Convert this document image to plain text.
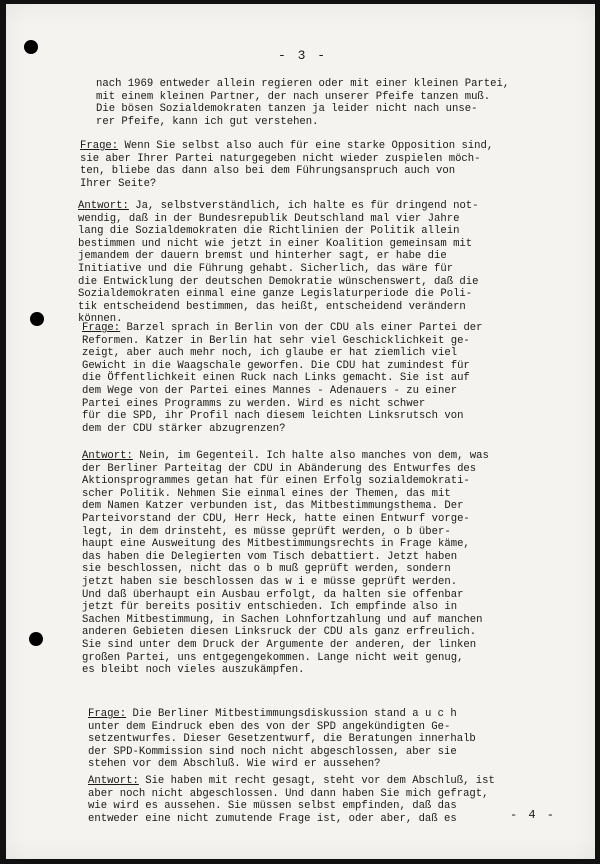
- 3 -
nach 1969 entweder allein regieren oder mit einer kleinen Partei,
mit einem kleinen Partner, der nach unserer Pfeife tanzen muß.
Die bösen Sozialdemokraten tanzen ja leider nicht nach unse-
rer Pfeife, kann ich gut verstehen.
Frage: Wenn Sie selbst also auch für eine starke Opposition sind,
sie aber Ihrer Partei naturgegeben nicht wieder zuspielen möch-
ten, bliebe das dann also bei dem Führungsanspruch auch von
Ihrer Seite?
Antwort: Ja, selbstverständlich, ich halte es für dringend not-
wendig, daß in der Bundesrepublik Deutschland mal vier Jahre
lang die Sozialdemokraten die Richtlinien der Politik allein
bestimmen und nicht wie jetzt in einer Koalition gemeinsam mit
jemandem der dauern bremst und hinterher sagt, er habe die
Initiative und die Führung gehabt. Sicherlich, das wäre für
die Entwicklung der deutschen Demokratie wünschenswert, daß die
Sozialdemokraten einmal eine ganze Legislaturperiode die Poli-
tik entscheidend bestimmen, das heißt, entscheidend verändern
können.
Frage: Barzel sprach in Berlin von der CDU als einer Partei der
Reformen. Katzer in Berlin hat sehr viel Geschicklichkeit ge-
zeigt, aber auch mehr noch, ich glaube er hat ziemlich viel
Gewicht in die Waagschale geworfen. Die CDU hat zumindest für
die Öffentlichkeit einen Ruck nach Links gemacht. Sie ist auf
dem Wege von der Partei eines Mannes - Adenauers - zu einer
Partei eines Programms zu werden. Wird es nicht schwer
für die SPD, ihr Profil nach diesem leichten Linksrutsch von
dem der CDU stärker abzugrenzen?
Antwort: Nein, im Gegenteil. Ich halte also manches von dem, was
der Berliner Parteitag der CDU in Abänderung des Entwurfes des
Aktionsprogrammes getan hat für einen Erfolg sozialdemokrati-
scher Politik. Nehmen Sie einmal eines der Themen, das mit
dem Namen Katzer verbunden ist, das Mitbestimmungsthema. Der
Parteivorstand der CDU, Herr Heck, hatte einen Entwurf vorge-
legt, in dem drinsteht, es müsse geprüft werden, o b über-
haupt eine Ausweitung des Mitbestimmungsrechts in Frage käme,
das haben die Delegierten vom Tisch debattiert. Jetzt haben
sie beschlossen, nicht das o b muß geprüft werden, sondern
jetzt haben sie beschlossen das w i e müsse geprüft werden.
Und daß überhaupt ein Ausbau erfolgt, da halten sie offenbar
jetzt für bereits positiv entschieden. Ich empfinde also in
Sachen Mitbestimmung, in Sachen Lohnfortzahlung und auf manchen
anderen Gebieten diesen Linksruck der CDU als ganz erfreulich.
Sie sind unter dem Druck der Argumente der anderen, der linken
großen Partei, uns entgegengekommen. Lange nicht weit genug,
es bleibt noch vieles auszukämpfen.
Frage: Die Berliner Mitbestimmungsdiskussion stand a u c h
unter dem Eindruck eben des von der SPD angekündigten Ge-
setzentwurfes. Dieser Gesetzentwurf, die Beratungen innerhalb
der SPD-Kommission sind noch nicht abgeschlossen, aber sie
stehen vor dem Abschluß. Wie wird er aussehen?
Antwort: Sie haben mit recht gesagt, steht vor dem Abschluß, ist
aber noch nicht abgeschlossen. Und dann haben Sie mich gefragt,
wie wird es aussehen. Sie müssen selbst empfinden, daß das
entweder eine nicht zumutende Frage ist, oder aber, daß es	- 4 -
